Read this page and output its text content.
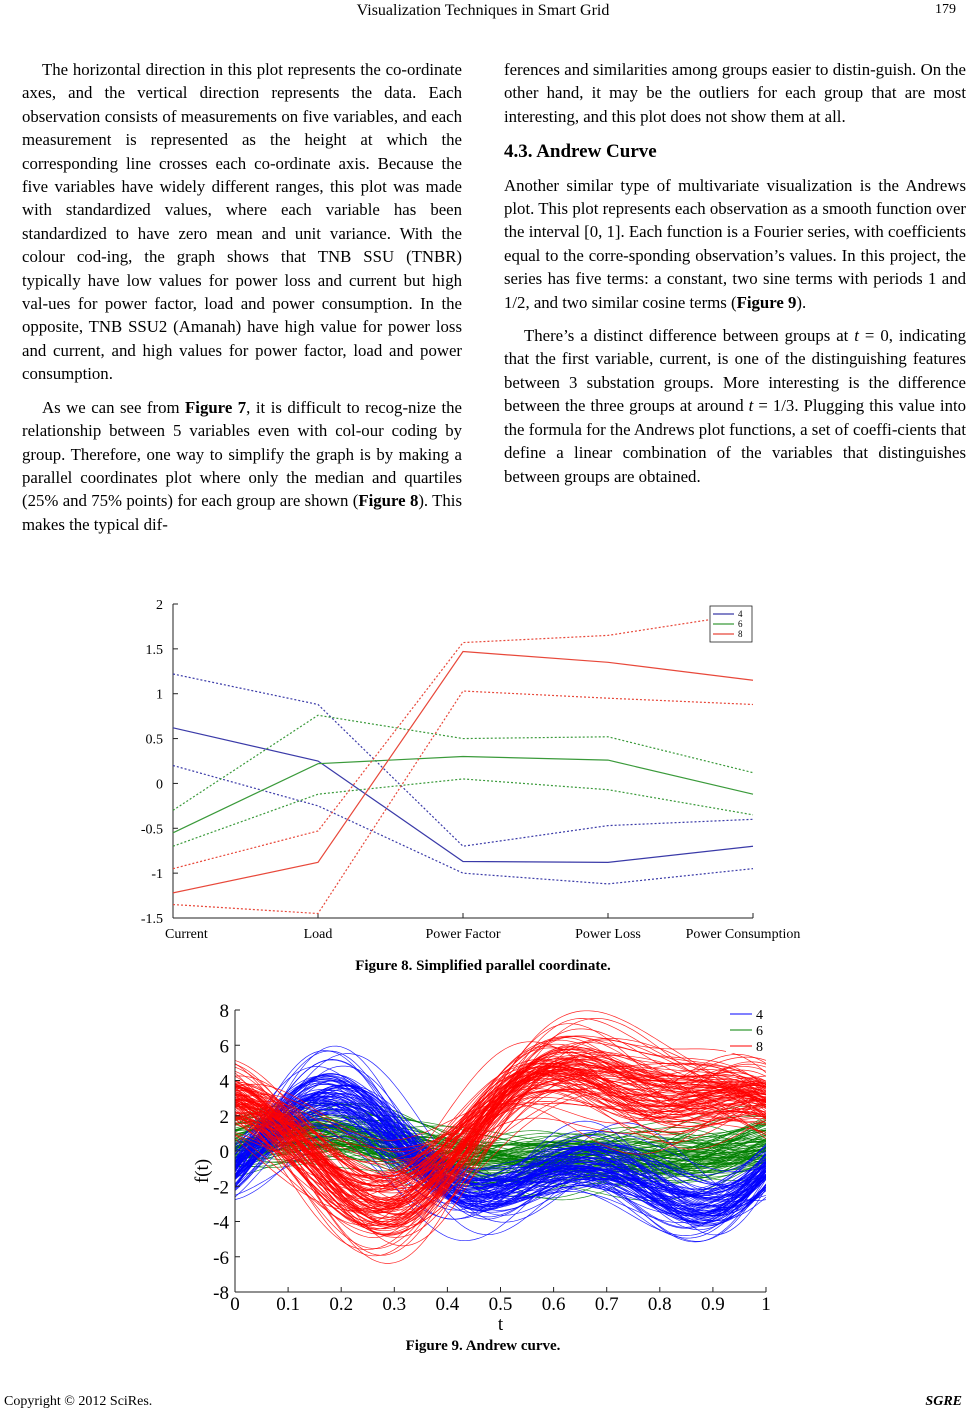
Visualization Techniques in Smart Grid	179

The horizontal direction in this plot represents the co-ordinate axes, and the vertical direction represents the data. Each observation consists of measurements on five variables, and each measurement is represented as the height at which the corresponding line crosses each co-ordinate axis. Because the five variables have widely different ranges, this plot was made with standardized values, where each variable has been standardized to have zero mean and unit variance. With the colour cod-ing, the graph shows that TNB SSU (TNBR) typically have low values for power loss and current but high val-ues for power factor, load and power consumption. In the opposite, TNB SSU2 (Amanah) have high value for power loss and current, and high values for power factor, load and power consumption.

As we can see from Figure 7, it is difficult to recog-nize the relationship between 5 variables even with col-our coding by group. Therefore, one way to simplify the graph is by making a parallel coordinates plot where only the median and quartiles (25% and 75% points) for each group are shown (Figure 8). This makes the typical dif-

ferences and similarities among groups easier to distin-guish. On the other hand, it may be the outliers for each group that are most interesting, and this plot does not show them at all.

4.3. Andrew Curve

Another similar type of multivariate visualization is the Andrews plot. This plot represents each observation as a smooth function over the interval [0, 1]. Each function is a Fourier series, with coefficients equal to the corre-sponding observation’s values. In this project, the series has five terms: a constant, two sine terms with periods 1 and 1/2, and two similar cosine terms (Figure 9).

There’s a distinct difference between groups at t = 0, indicating that the first variable, current, is one of the distinguishing features between 3 substation groups. More interesting is the difference between the three groups at around t = 1/3. Plugging this value into the formula for the Andrews plot functions, a set of coeffi-cients that define a linear combination of the variables that distinguishes between groups are obtained.

2
1.5
1
0.5
0
-0.5
-1
-1.5
Current	Load	Power Factor	Power Loss	Power Consumption
4
6
8
Figure 8. Simplified parallel coordinate.
8
6
4
2
0
-2
-4
-6
-8
0 0.1 0.2 0.3 0.4 0.5 0.6 0.7 0.8 0.9 1
t
f(t)
4
6
8
Figure 9. Andrew curve.
Copyright © 2012 SciRes.	SGRE
